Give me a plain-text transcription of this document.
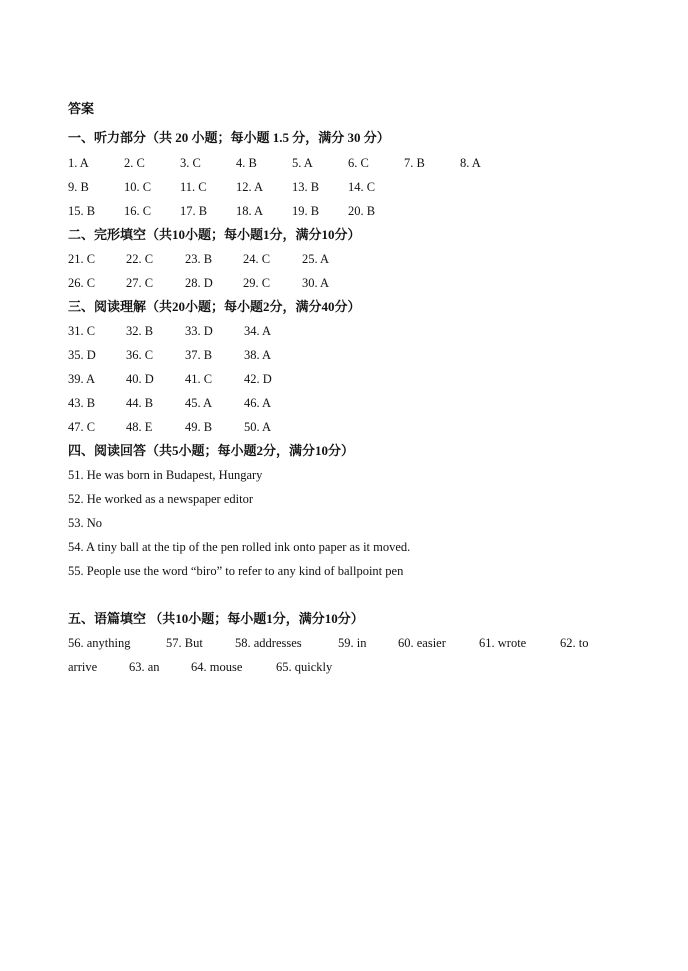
答案
一、听力部分（共 20 小题；每小题 1.5 分，满分 30 分）
1. A	2. C	3. C	4. B	5. A	6. C	7. B	8. A
9. B	10. C 11. C 12. A 13. B 14. C
15. B 16. C 17. B 18. A 19. B 20. B
二、完形填空（共10小题；每小题1分，满分10分）
21. C 22. C	23. B 24. C	25. A
26. C 27. C	28. D 29. C	30. A
三、阅读理解（共20小题；每小题2分，满分40分）
31. C 32. B	33. D 34. A
35. D 36. C	37. B	38. A
39. A 40. D 41. C	42. D
43. B 44. B	45. A	46. A
47. C 48. E	49. B	50. A
四、阅读回答（共5小题；每小题2分，满分10分）
51. He was born in Budapest, Hungary
52. He worked as a newspaper editor
53. No
54. A tiny ball at the tip of the pen rolled ink onto paper as it moved.
55. People use the word “biro” to refer to any kind of ballpoint pen
五、语篇填空 （共10小题；每小题1分，满分10分）
56. anything	57. But	58. addresses	59. in	60. easier	61. wrote	62. to
arrive	63. an	64. mouse	65. quickly
